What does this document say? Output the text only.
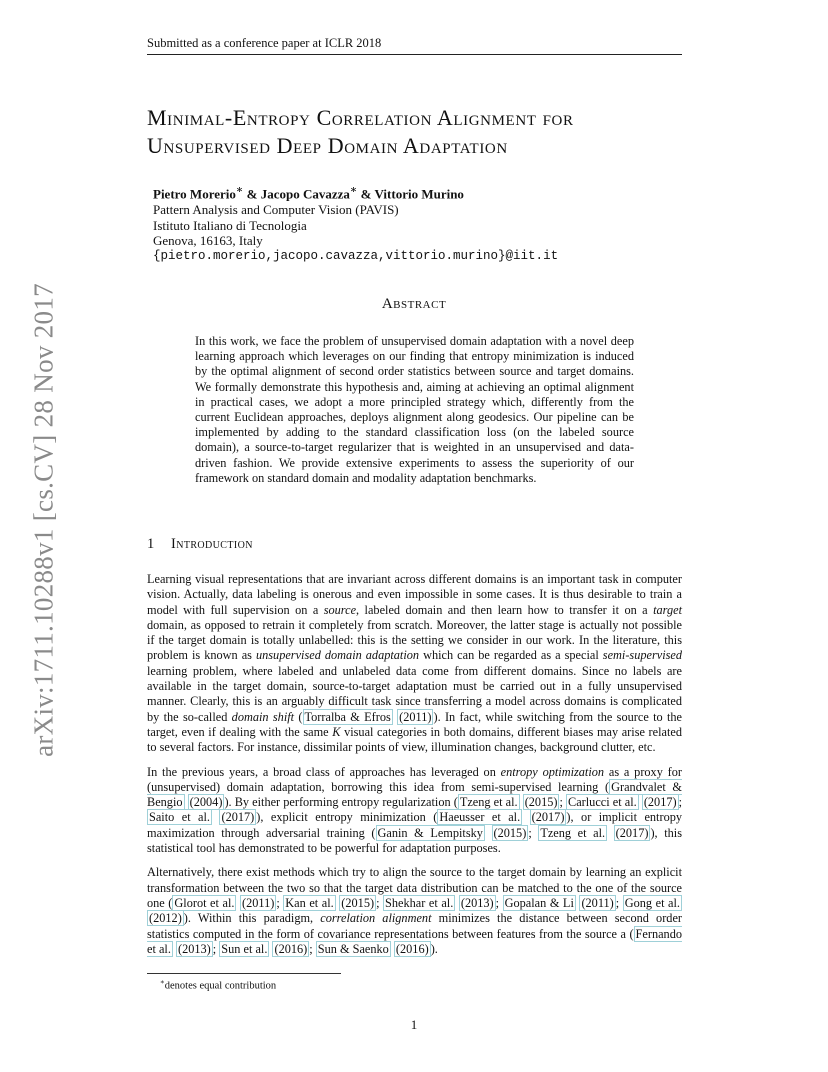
Submitted as a conference paper at ICLR 2018
arXiv:1711.10288v1 [cs.CV] 28 Nov 2017
Minimal-Entropy Correlation Alignment for
Unsupervised Deep Domain Adaptation
Pietro Morerio∗ & Jacopo Cavazza∗ & Vittorio Murino
Pattern Analysis and Computer Vision (PAVIS)
Istituto Italiano di Tecnologia
Genova, 16163, Italy
{pietro.morerio,jacopo.cavazza,vittorio.murino}@iit.it
Abstract
In this work, we face the problem of unsupervised domain adaptation with a novel deep learning approach which leverages on our finding that entropy minimization is induced by the optimal alignment of second order statistics between source and target domains. We formally demonstrate this hypothesis and, aiming at achieving an optimal alignment in practical cases, we adopt a more principled strategy which, differently from the current Euclidean approaches, deploys alignment along geodesics. Our pipeline can be implemented by adding to the standard classification loss (on the labeled source domain), a source-to-target regularizer that is weighted in an unsupervised and data-driven fashion. We provide extensive experiments to assess the superiority of our framework on standard domain and modality adaptation benchmarks.
1 Introduction

Learning visual representations that are invariant across different domains is an important task in computer vision. Actually, data labeling is onerous and even impossible in some cases. It is thus desirable to train a model with full supervision on a source, labeled domain and then learn how to transfer it on a target domain, as opposed to retrain it completely from scratch. Moreover, the latter stage is actually not possible if the target domain is totally unlabelled: this is the setting we consider in our work. In the literature, this problem is known as unsupervised domain adaptation which can be regarded as a special semi-supervised learning problem, where labeled and unlabeled data come from different domains. Since no labels are available in the target domain, source-to-target adaptation must be carried out in a fully unsupervised manner. Clearly, this is an arguably difficult task since transferring a model across domains is complicated by the so-called domain shift ( Torralba & Efros (2011) ). In fact, while switching from the source to the target, even if dealing with the same K visual categories in both domains, different biases may arise related to several factors. For instance, dissimilar points of view, illumination changes, background clutter, etc.

In the previous years, a broad class of approaches has leveraged on entropy optimization as a proxy for (unsupervised) domain adaptation, borrowing this idea from semi-supervised learning ( Grandvalet & Bengio (2004) ). By either performing entropy regularization ( Tzeng et al. (2015) ; Carlucci et al. (2017) ; Saito et al. (2017) ), explicit entropy minimization ( Haeusser et al. (2017) ), or implicit entropy maximization through adversarial training ( Ganin & Lempitsky (2015) ; Tzeng et al. (2017) ), this statistical tool has demonstrated to be powerful for adaptation purposes.

Alternatively, there exist methods which try to align the source to the target domain by learning an explicit transformation between the two so that the target data distribution can be matched to the one of the source one ( Glorot et al. (2011) ; Kan et al. (2015) ; Shekhar et al. (2013) ; Gopalan & Li (2011) ; Gong et al. (2012) ). Within this paradigm, correlation alignment minimizes the distance between second order statistics computed in the form of covariance representations between features from the source a ( Fernando et al. (2013) ; Sun et al. (2016) ; Sun & Saenko (2016) ).

∗denotes equal contribution
1
